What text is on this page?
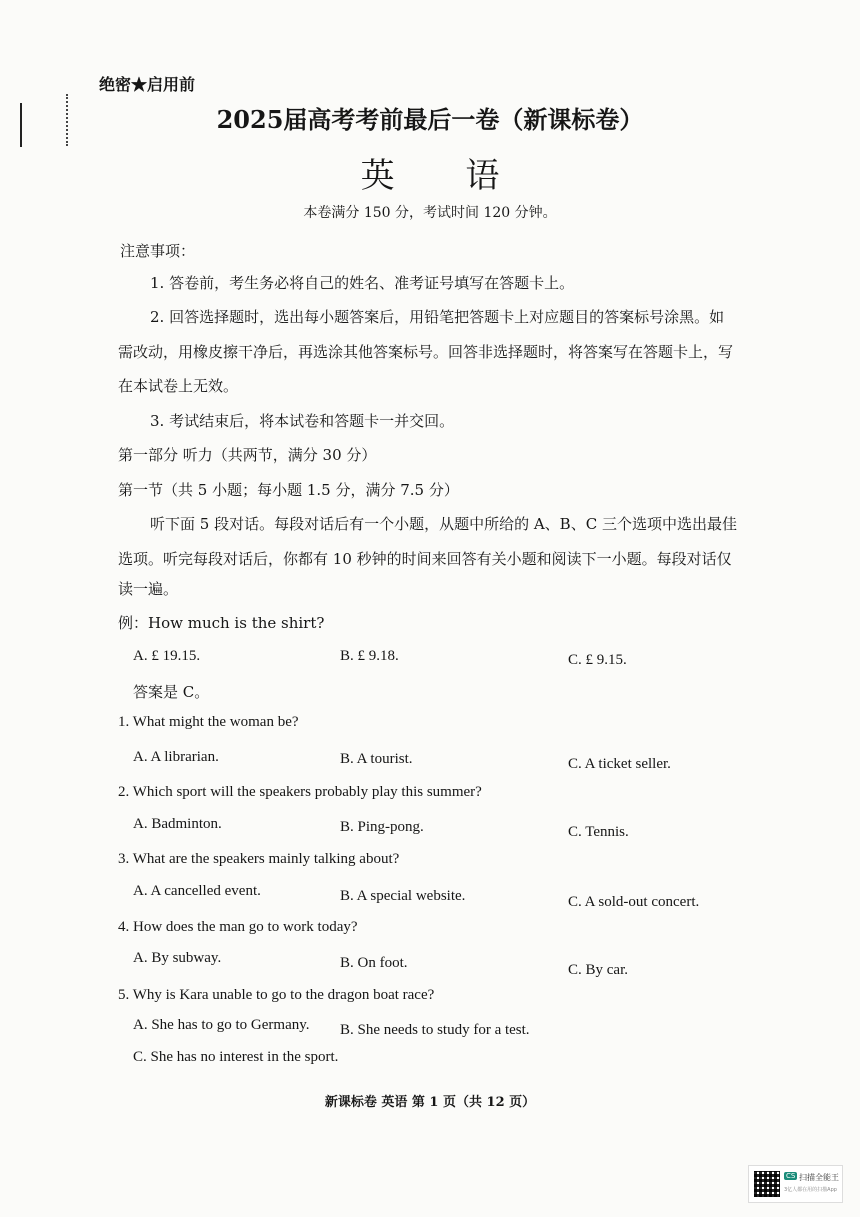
绝密★启用前
2025届高考考前最后一卷（新课标卷）
英 语
本卷满分 150 分，考试时间 120 分钟。
注意事项：
1. 答卷前，考生务必将自己的姓名、准考证号填写在答题卡上。
2. 回答选择题时，选出每小题答案后，用铅笔把答题卡上对应题目的答案标号涂黑。如
需改动，用橡皮擦干净后，再选涂其他答案标号。回答非选择题时，将答案写在答题卡上，写
在本试卷上无效。
3. 考试结束后，将本试卷和答题卡一并交回。
第一部分 听力（共两节，满分 30 分）
第一节（共 5 小题；每小题 1.5 分，满分 7.5 分）
听下面 5 段对话。每段对话后有一个小题，从题中所给的 A、B、C 三个选项中选出最佳
选项。听完每段对话后，你都有 10 秒钟的时间来回答有关小题和阅读下一小题。每段对话仅
读一遍。
例：How much is the shirt?
A. £ 19.15.	B. £ 9.18.	C. £ 9.15.
答案是 C。
1. What might the woman be?
A. A librarian.	B. A tourist.	C. A ticket seller.
2. Which sport will the speakers probably play this summer?
A. Badminton.	B. Ping-pong.	C. Tennis.
3. What are the speakers mainly talking about?
A. A cancelled event.	B. A special website.	C. A sold-out concert.
4. How does the man go to work today?
A. By subway.	B. On foot.	C. By car.
5. Why is Kara unable to go to the dragon boat race?
A. She has to go to Germany. B. She needs to study for a test.
C. She has no interest in the sport.
新课标卷 英语 第 1 页（共 12 页）
CS 扫描全能王
3亿人都在用的扫描App
